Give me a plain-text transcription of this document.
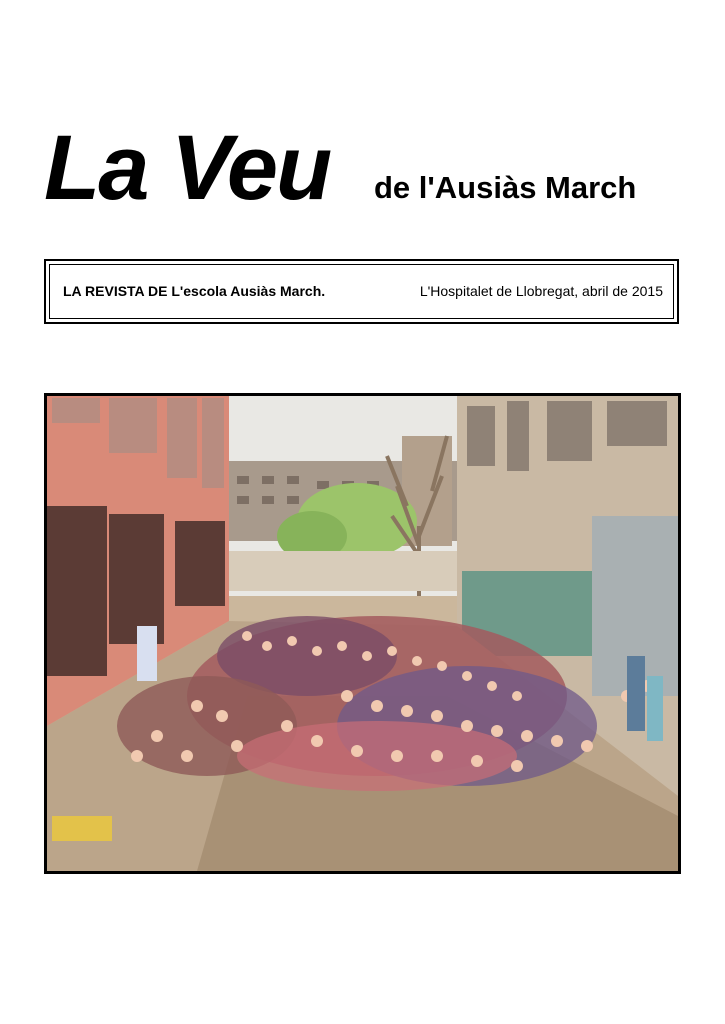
La Veu de l'Ausiàs March
LA REVISTA DE L'escola Ausiàs March.	L'Hospitalet de Llobregat, abril de 2015
